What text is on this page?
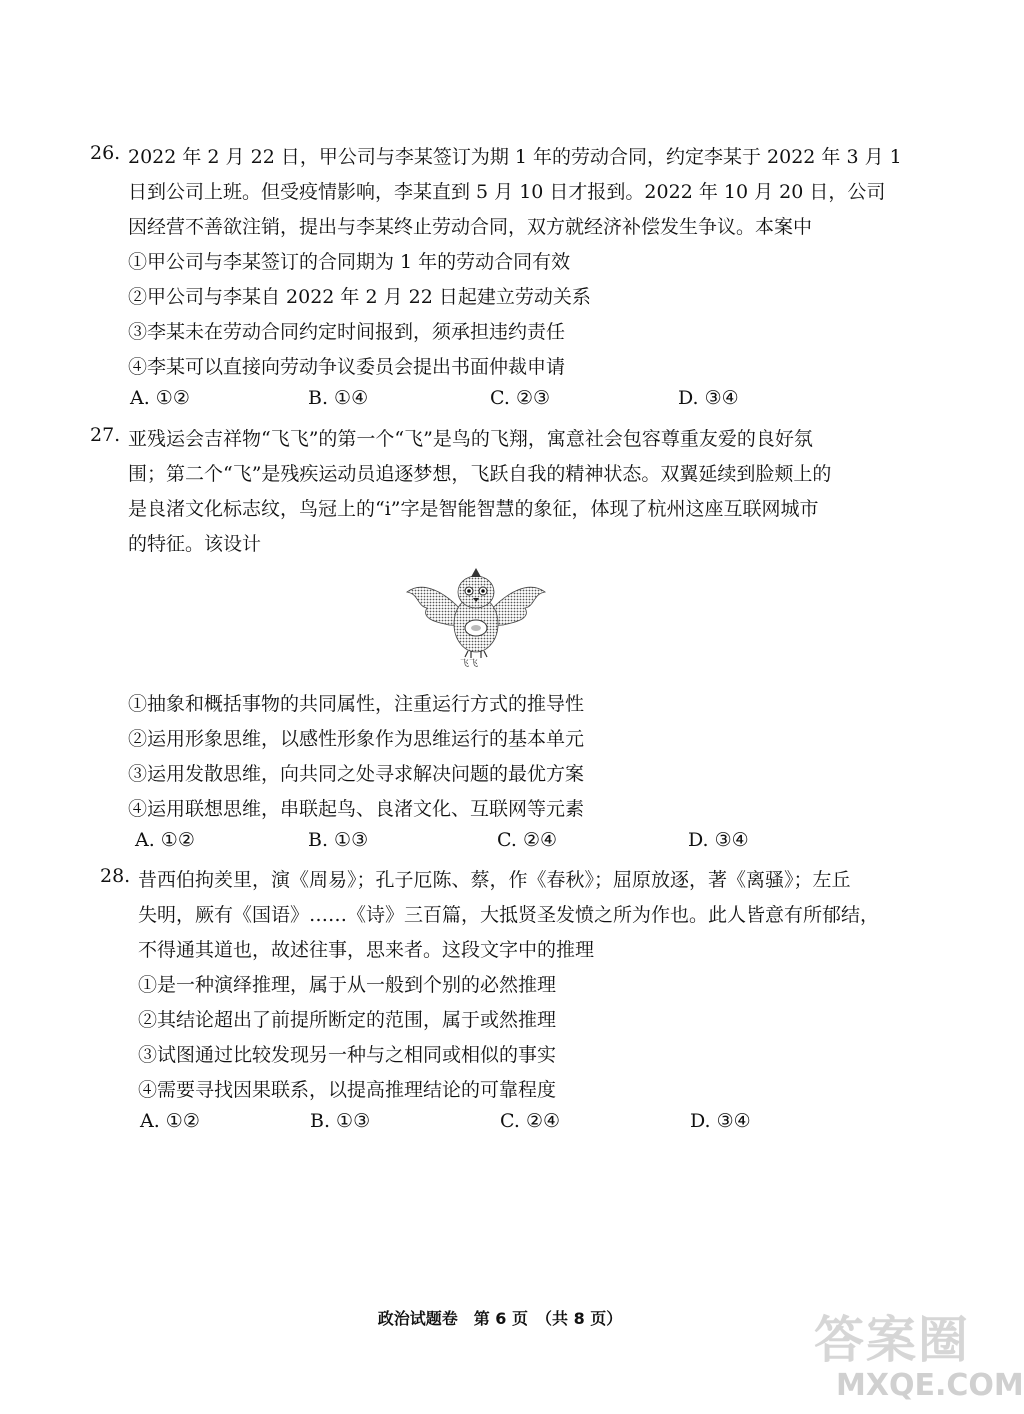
26. 2022 年 2 月 22 日，甲公司与李某签订为期 1 年的劳动合同，约定李某于 2022 年 3 月 1
日到公司上班。但受疫情影响，李某直到 5 月 10 日才报到。2022 年 10 月 20 日，公司
因经营不善欲注销，提出与李某终止劳动合同，双方就经济补偿发生争议。本案中
①甲公司与李某签订的合同期为 1 年的劳动合同有效
②甲公司与李某自 2022 年 2 月 22 日起建立劳动关系
③李某未在劳动合同约定时间报到，须承担违约责任
④李某可以直接向劳动争议委员会提出书面仲裁申请
A. ①②	B. ①④	C. ②③	D. ③④
27. 亚残运会吉祥物“飞飞”的第一个“飞”是鸟的飞翔，寓意社会包容尊重友爱的良好氛
围；第二个“飞”是残疾运动员追逐梦想，飞跃自我的精神状态。双翼延续到脸颊上的
是良渚文化标志纹，鸟冠上的“i”字是智能智慧的象征，体现了杭州这座互联网城市
的特征。该设计
飞飞
①抽象和概括事物的共同属性，注重运行方式的推导性
②运用形象思维，以感性形象作为思维运行的基本单元
③运用发散思维，向共同之处寻求解决问题的最优方案
④运用联想思维，串联起鸟、良渚文化、互联网等元素
A. ①②	B. ①③	C. ②④	D. ③④
28. 昔西伯拘羑里，演《周易》；孔子厄陈、蔡，作《春秋》；屈原放逐，著《离骚》；左丘
失明，厥有《国语》……《诗》三百篇，大抵贤圣发愤之所为作也。此人皆意有所郁结，
不得通其道也，故述往事，思来者。这段文字中的推理
①是一种演绎推理，属于从一般到个别的必然推理
②其结论超出了前提所断定的范围，属于或然推理
③试图通过比较发现另一种与之相同或相似的事实
④需要寻找因果联系，以提高推理结论的可靠程度
A. ①②	B. ①③	C. ②④	D. ③④
政治试题卷　第 6 页　（共 8 页）	答案圈
MXQE.COM
